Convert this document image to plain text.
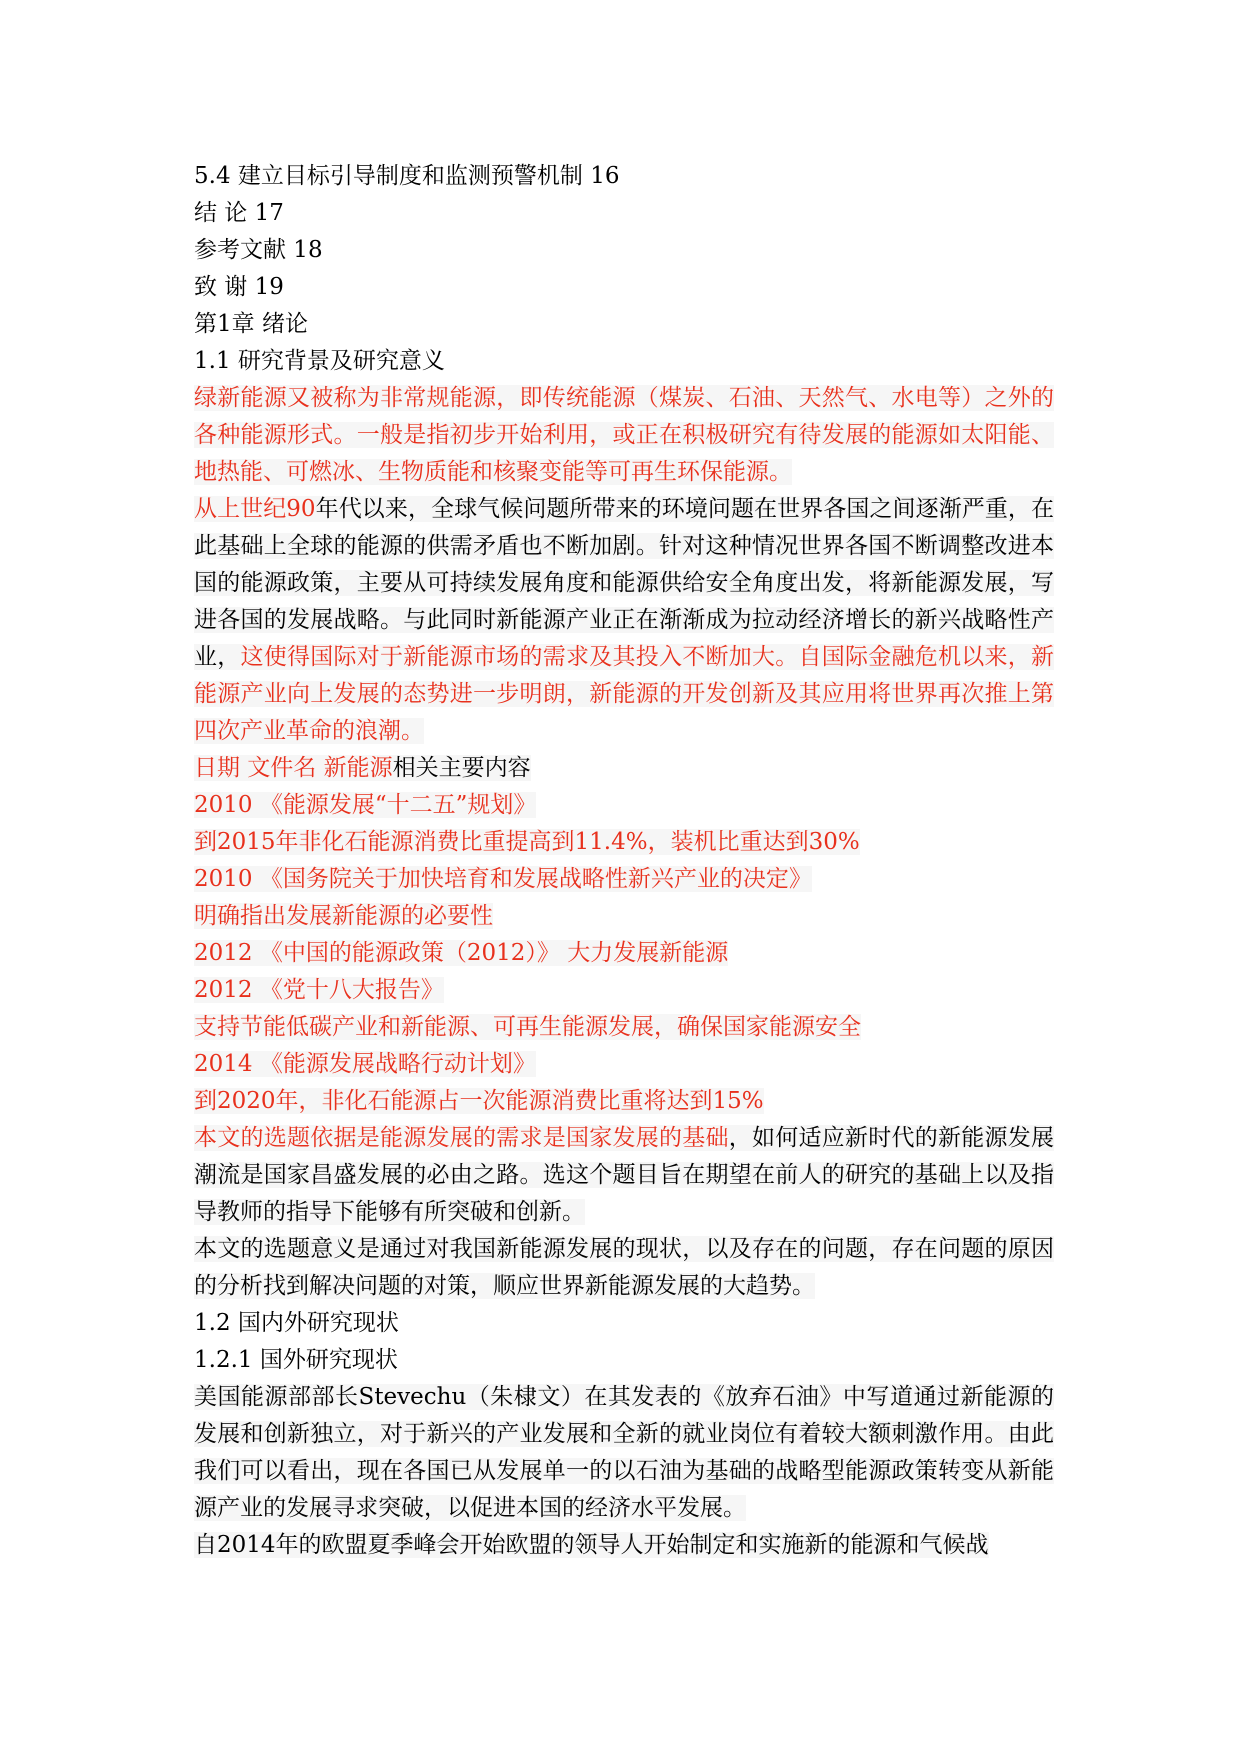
5.4 建立目标引导制度和监测预警机制 16

结 论 17

参考文献 18

致 谢 19

第1章 绪论

1.1 研究背景及研究意义

绿新能源又被称为非常规能源，即传统能源（煤炭、石油、天然气、水电等）之外的各种能源形式。一般是指初步开始利用，或正在积极研究有待发展的能源如太阳能、地热能、可燃冰、生物质能和核聚变能等可再生环保能源。

从上世纪90年代以来，全球气候问题所带来的环境问题在世界各国之间逐渐严重，在此基础上全球的能源的供需矛盾也不断加剧。针对这种情况世界各国不断调整改进本国的能源政策，主要从可持续发展角度和能源供给安全角度出发，将新能源发展，写进各国的发展战略。与此同时新能源产业正在渐渐成为拉动经济增长的新兴战略性产业，这使得国际对于新能源市场的需求及其投入不断加大。自国际金融危机以来，新能源产业向上发展的态势进一步明朗，新能源的开发创新及其应用将世界再次推上第四次产业革命的浪潮。

日期 文件名 新能源相关主要内容

2010 《能源发展“十二五”规划》

到2015年非化石能源消费比重提高到11.4%，装机比重达到30%

2010 《国务院关于加快培育和发展战略性新兴产业的决定》

明确指出发展新能源的必要性

2012 《中国的能源政策（2012）》 大力发展新能源

2012 《党十八大报告》

支持节能低碳产业和新能源、可再生能源发展，确保国家能源安全

2014 《能源发展战略行动计划》

到2020年，非化石能源占一次能源消费比重将达到15%

本文的选题依据是能源发展的需求是国家发展的基础，如何适应新时代的新能源发展潮流是国家昌盛发展的必由之路。选这个题目旨在期望在前人的研究的基础上以及指导教师的指导下能够有所突破和创新。

本文的选题意义是通过对我国新能源发展的现状，以及存在的问题，存在问题的原因的分析找到解决问题的对策，顺应世界新能源发展的大趋势。

1.2 国内外研究现状

1.2.1 国外研究现状

美国能源部部长Stevechu（朱棣文）在其发表的《放弃石油》中写道通过新能源的发展和创新独立，对于新兴的产业发展和全新的就业岗位有着较大额刺激作用。由此我们可以看出，现在各国已从发展单一的以石油为基础的战略型能源政策转变从新能源产业的发展寻求突破，以促进本国的经济水平发展。

自2014年的欧盟夏季峰会开始欧盟的领导人开始制定和实施新的能源和气候战
